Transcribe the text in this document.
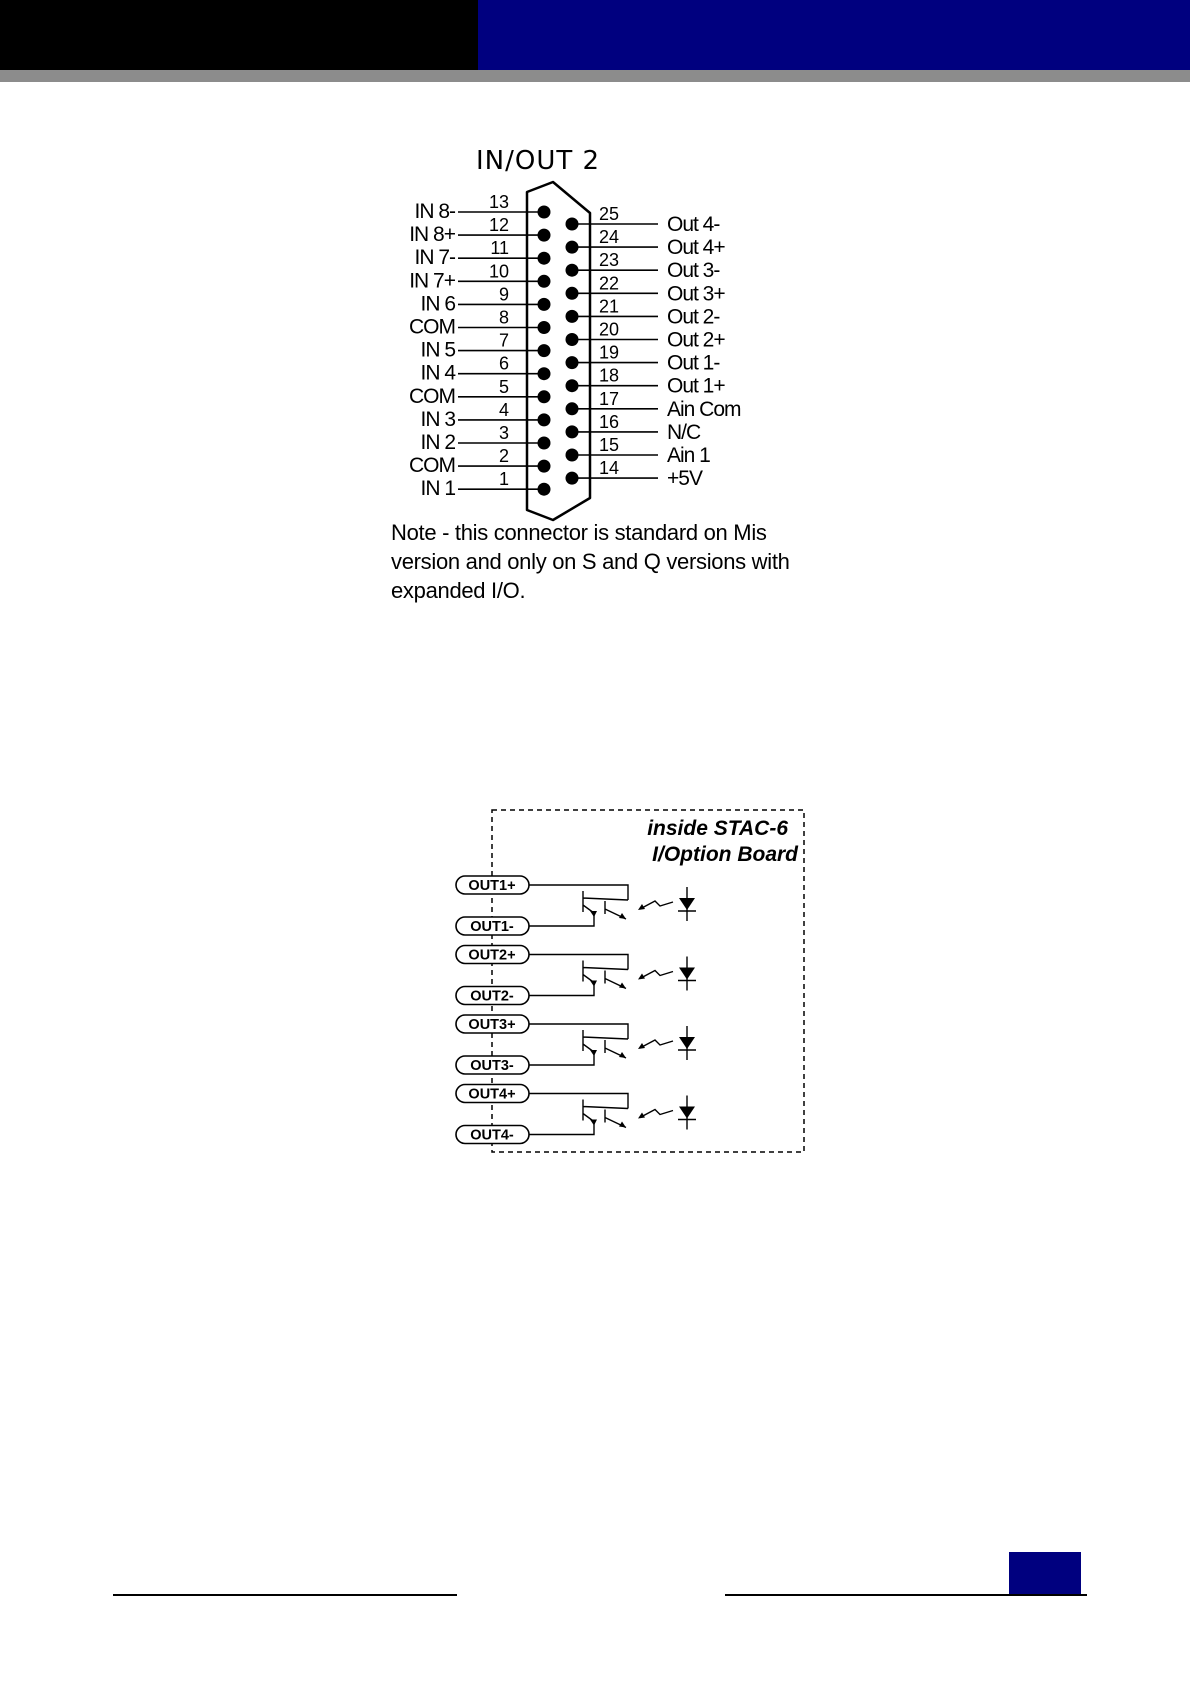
IN/OUT 2
13
IN 8-
12
IN 8+
11
IN 7-
10
IN 7+
9
IN 6
8
COM
7
IN 5
6
IN 4
5
COM
4
IN 3
3
IN 2
2
COM
1
IN 1
25 Out 4-
24 Out 4+
23 Out 3-
22 Out 3+
21 Out 2-
20 Out 2+
19 Out 1-
18 Out 1+
17 Ain Com
16 N/C
15 Ain 1
14 +5V
Note - this connector is standard on Mis
version and only on S and Q versions with
expanded I/O.
inside STAC-6
I/Option Board
OUT1+
OUT1-
OUT2+
OUT2-
OUT3+
OUT3-
OUT4+
OUT4-
